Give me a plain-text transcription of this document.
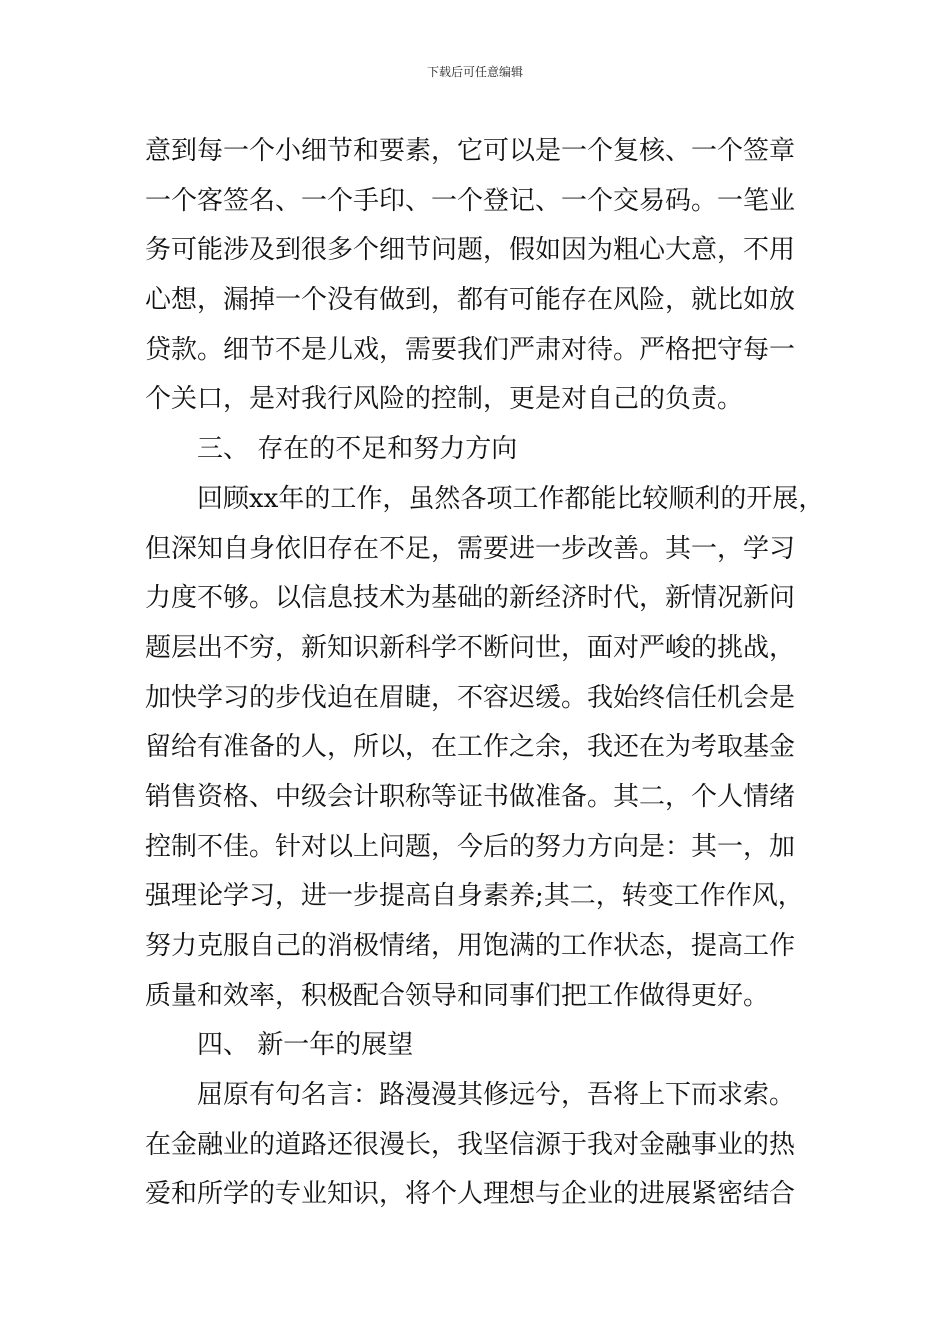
下载后可任意编辑
意到每一个小细节和要素，它可以是一个复核、一个签章
一个客签名、一个手印、一个登记、一个交易码。一笔业
务可能涉及到很多个细节问题，假如因为粗心大意，不用
心想，漏掉一个没有做到，都有可能存在风险，就比如放
贷款。细节不是儿戏，需要我们严肃对待。严格把守每一
个关口，是对我行风险的控制，更是对自己的负责。
三、 存在的不足和努力方向
回顾xx年的工作，虽然各项工作都能比较顺利的开展，
但深知自身依旧存在不足，需要进一步改善。其一，学习
力度不够。以信息技术为基础的新经济时代，新情况新问
题层出不穷，新知识新科学不断问世，面对严峻的挑战，
加快学习的步伐迫在眉睫，不容迟缓。我始终信任机会是
留给有准备的人，所以，在工作之余，我还在为考取基金
销售资格、中级会计职称等证书做准备。其二，个人情绪
控制不佳。针对以上问题，今后的努力方向是：其一，加
强理论学习，进一步提高自身素养;其二，转变工作作风，
努力克服自己的消极情绪，用饱满的工作状态，提高工作
质量和效率，积极配合领导和同事们把工作做得更好。
四、 新一年的展望
屈原有句名言：路漫漫其修远兮，吾将上下而求索。
在金融业的道路还很漫长，我坚信源于我对金融事业的热
爱和所学的专业知识，将个人理想与企业的进展紧密结合
